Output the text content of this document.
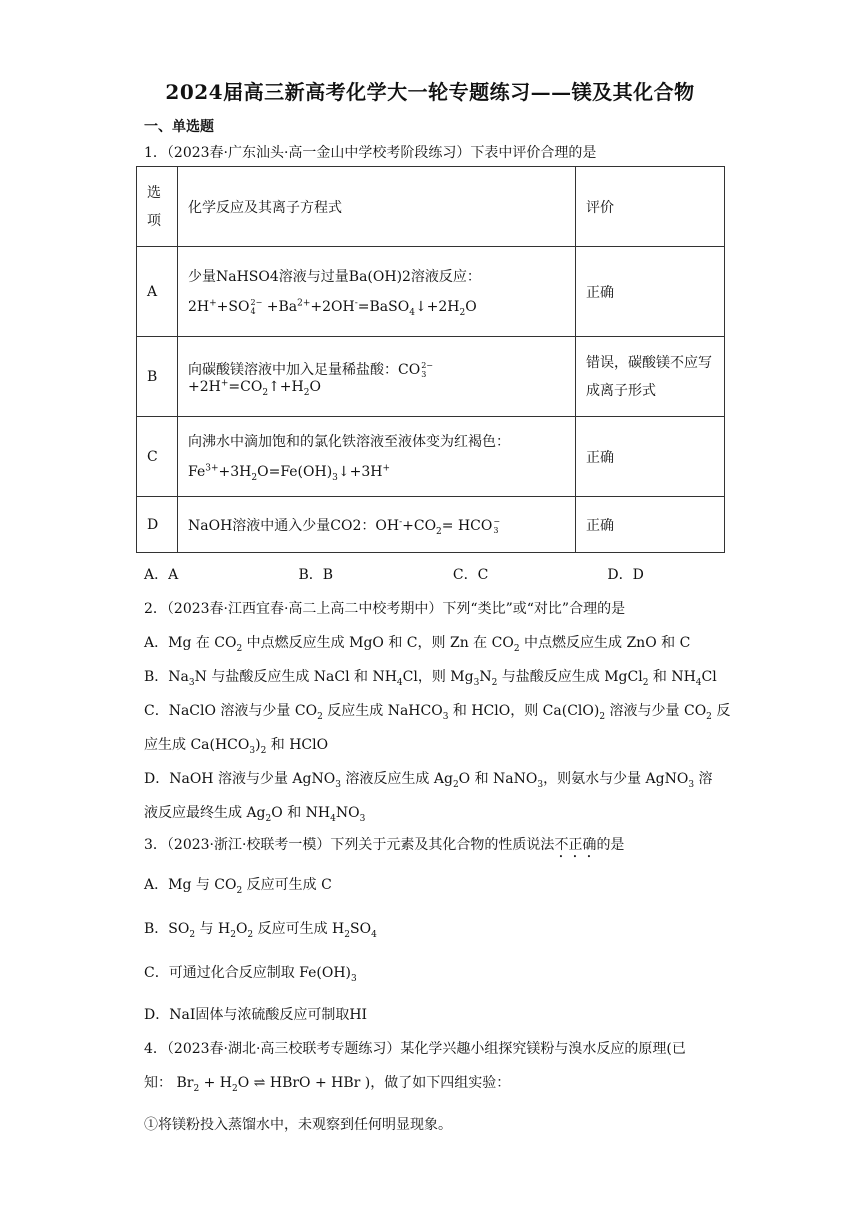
2024届高三新高考化学大一轮专题练习——镁及其化合物
一、单选题
1．（2023春·广东汕头·高一金山中学校考阶段练习）下表中评价合理的是
选项	化学反应及其离子方程式	评价
A	少量NaHSO4溶液与过量Ba(OH)2溶液反应：
2H++SO 2−
$4 +Ba^{2+}+2OH^-=BaSO_4↓+2H_2O$	正确
B	向碳酸镁溶液中加入足量稀盐酸：CO 2−
3
$+2H^+=CO_2↑+H_2O$	错误，碳酸镁不应写成离子形式

C	向沸水中滴加饱和的氯化铁溶液至液体变为红褐色：
$Fe^{3+}+3H_2O=Fe(OH)_3↓+3H^+$	正确
D	NaOH溶液中通入少量CO2：$OH^-+CO_2=$ HCO −
3	正确
A．A	B．B	C．C	D．D
2．（2023春·江西宜春·高二上高二中校考期中）下列“类比”或“对比”合理的是
A．Mg 在 $CO_2$ 中点燃反应生成 MgO 和 C，则 Zn 在 $CO_2$ 中点燃反应生成 ZnO 和 C
B．$Na_3N$ 与盐酸反应生成 NaCl 和 $NH_4Cl$，则 $Mg_3N_2$ 与盐酸反应生成 MgCl$_2$ 和 $NH_4Cl$
C．NaClO 溶液与少量 $CO_2$ 反应生成 NaHCO$_3$ 和 HClO，则 $Ca(ClO)_2$ 溶液与少量 $CO_2$ 反
应生成 $Ca(HCO_3)_2$ 和 HClO
D．NaOH 溶液与少量 AgNO$_3$ 溶液反应生成 $Ag_2O$ 和 NaNO$_3$，则氨水与少量 AgNO$_3$ 溶
液反应最终生成 $Ag_2O$ 和 $NH_4NO_3$
3．（2023·浙江·校联考一模）下列关于元素及其化合物的性质说法不正确的是
A．Mg 与 $CO_2$ 反应可生成 C
B．$SO_2$ 与 $H_2O_2$ 反应可生成 $H_2SO_4$
C．可通过化合反应制取 $Fe(OH)_3$
D．NaI固体与浓硫酸反应可制取HI
4．（2023春·湖北·高三校联考专题练习）某化学兴趣小组探究镁粉与溴水反应的原理(已
知： $Br_2 + H_2O$ ⇌ HBrO + HBr )，做了如下四组实验：
①将镁粉投入蒸馏水中，未观察到任何明显现象。
